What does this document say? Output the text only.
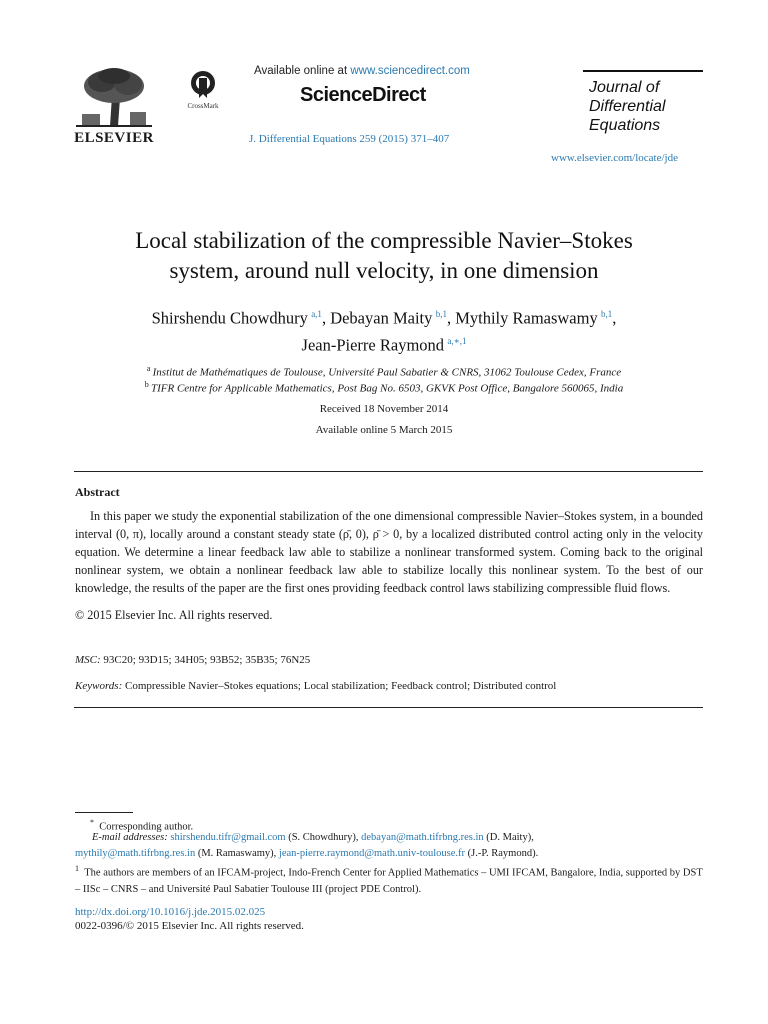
ELSEVIER
CrossMark
Available online at www.sciencedirect.com
ScienceDirect
J. Differential Equations 259 (2015) 371–407
Journal of
Differential
Equations
www.elsevier.com/locate/jde
Local stabilization of the compressible Navier–Stokes
system, around null velocity, in one dimension
Shirshendu Chowdhury  $^{a,1}$, Debayan Maity  $^{b,1}$, Mythily Ramaswamy  $^{b,1}$,
Jean-Pierre Raymond  $^{a,∗,1}$
$^a$  Institut de Mathématiques de Toulouse, Université Paul Sabatier & CNRS, 31062 Toulouse Cedex, France
$^b$  TIFR Centre for Applicable Mathematics, Post Bag No. 6503, GKVK Post Office, Bangalore 560065, India
Received 18 November 2014
Available online 5 March 2015
Abstract

In this paper we study the exponential stabilization of the one dimensional compressible Navier–Stokes system, in a bounded interval (0, π), locally around a constant steady state (ρ̄, 0), ρ̄ > 0, by a localized distributed control acting only in the velocity equation. We determine a linear feedback law able to stabilize a nonlinear transformed system. Coming back to the original nonlinear system, we obtain a nonlinear feedback law able to stabilize locally this nonlinear system. To the best of our knowledge, the results of the paper are the first ones providing feedback control laws stabilizing compressible fluid flows.

© 2015 Elsevier Inc. All rights reserved.
MSC: 93C20; 93D15; 34H05; 93B52; 35B35; 76N25
Keywords: Compressible Navier–Stokes equations; Local stabilization; Feedback control; Distributed control
*  Corresponding author.
E-mail addresses: shirshendu.tifr@gmail.com (S. Chowdhury), debayan@math.tifrbng.res.in (D. Maity),
mythily@math.tifrbng.res.in (M. Ramaswamy), jean-pierre.raymond@math.univ-toulouse.fr (J.-P. Raymond).
$^1$  The authors are members of an IFCAM-project, Indo-French Center for Applied Mathematics – UMI IFCAM, Bangalore, India, supported by DST – IISc – CNRS – and Université Paul Sabatier Toulouse III (project PDE Control).
http://dx.doi.org/10.1016/j.jde.2015.02.025
0022-0396/© 2015 Elsevier Inc. All rights reserved.
